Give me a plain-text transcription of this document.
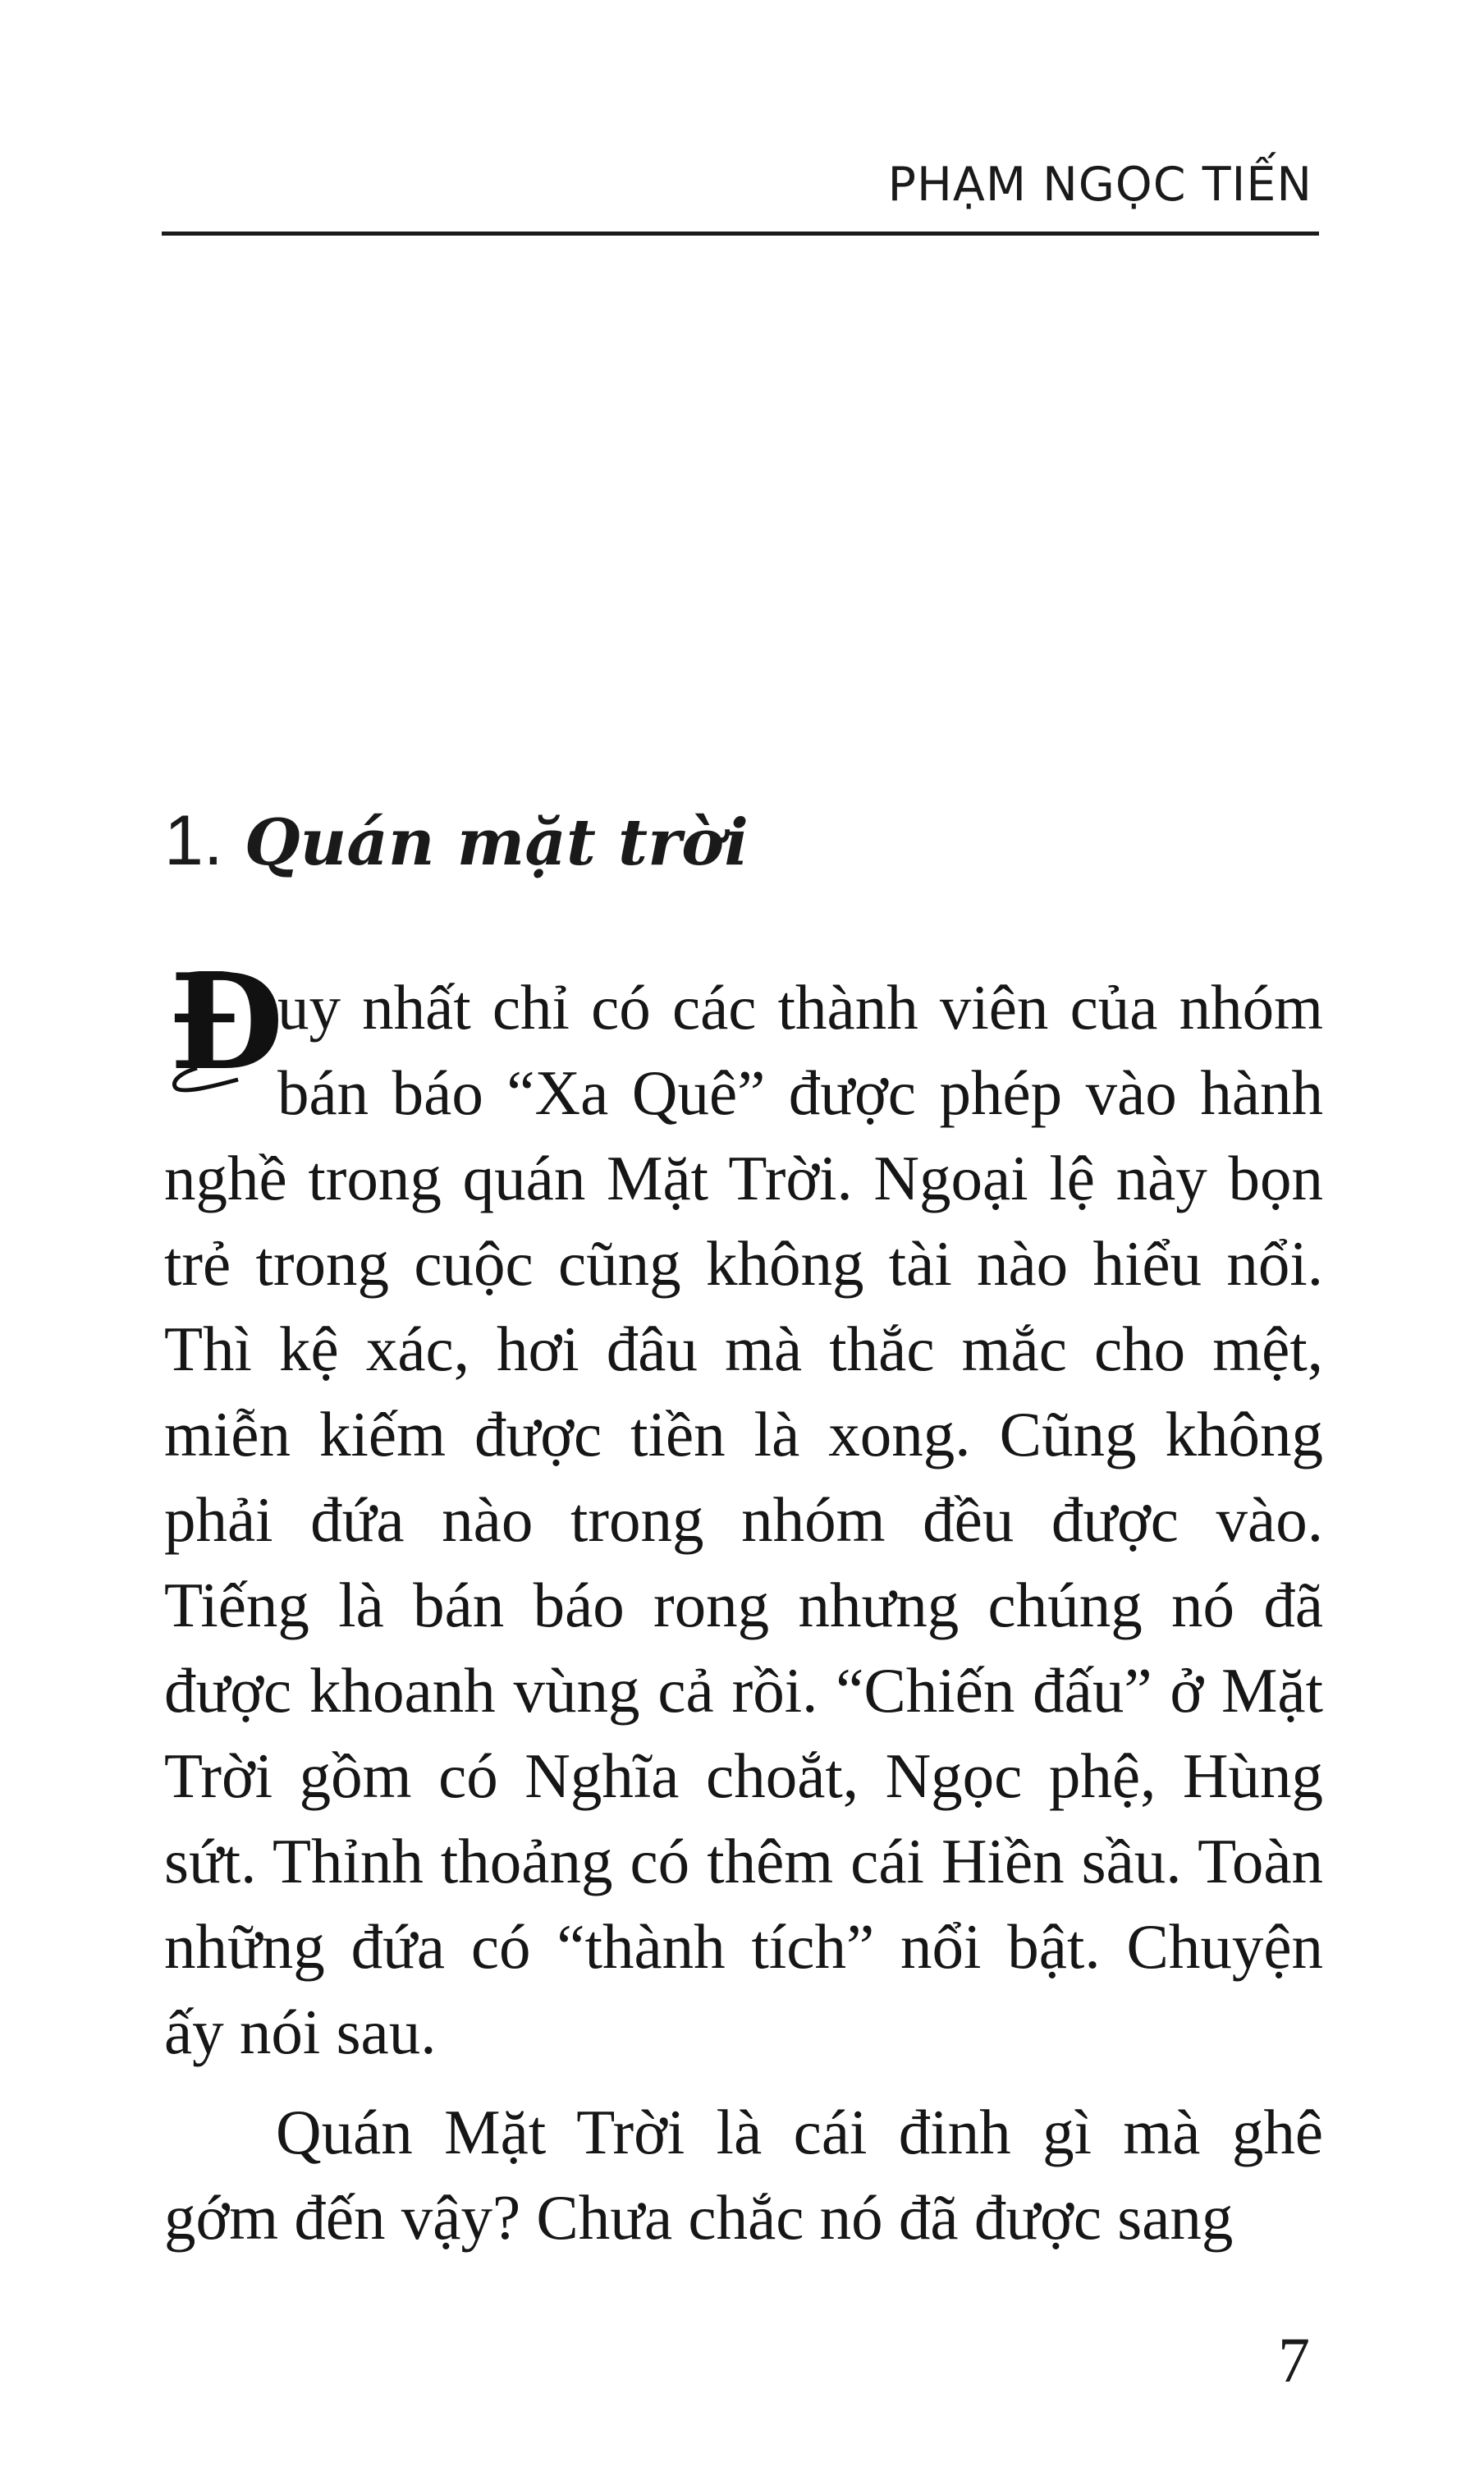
PHẠM NGỌC TIẾN
1. Quán mặt trời

Đ
uy nhất chỉ có các thành viên của nhóm bán báo “Xa Quê” được phép vào hành nghề trong quán Mặt Trời. Ngoại lệ này bọn trẻ trong cuộc cũng không tài nào hiểu nổi. Thì kệ xác, hơi đâu mà thắc mắc cho mệt, miễn kiếm được tiền là xong. Cũng không phải đứa nào trong nhóm đều được vào. Tiếng là bán báo rong nhưng chúng nó đã được khoanh vùng cả rồi. “Chiến đấu” ở Mặt Trời gồm có Nghĩa choắt, Ngọc phệ, Hùng sứt. Thỉnh thoảng có thêm cái Hiền sầu. Toàn những đứa có “thành tích” nổi bật. Chuyện ấy nói sau.

Quán Mặt Trời là cái đinh gì mà ghê gớm đến vậy? Chưa chắc nó đã được sang

7
